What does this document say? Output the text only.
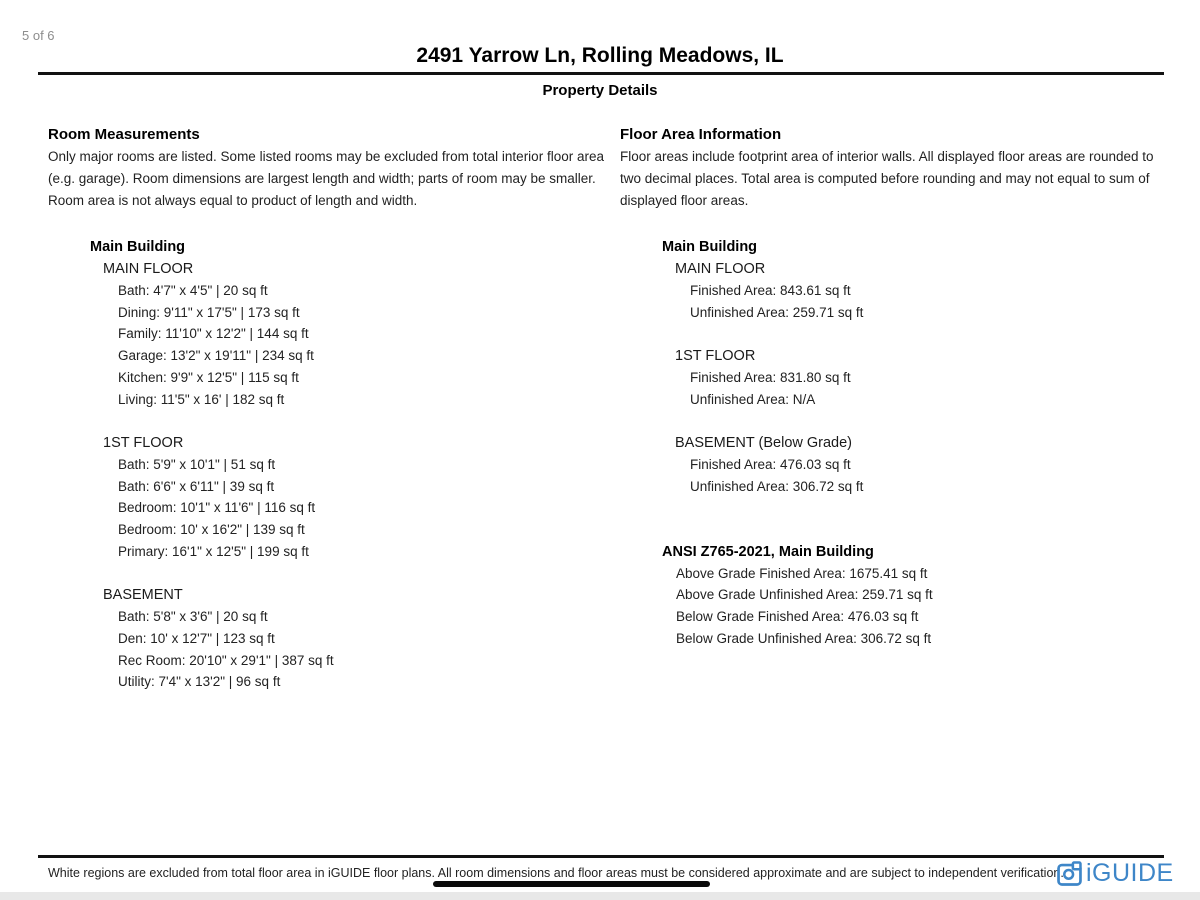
5 of 6
2491 Yarrow Ln, Rolling Meadows, IL
Property Details
Room Measurements
Only major rooms are listed. Some listed rooms may be excluded from total interior floor area (e.g. garage). Room dimensions are largest length and width; parts of room may be smaller. Room area is not always equal to product of length and width.
Main Building
MAIN FLOOR
Bath: 4'7" x 4'5" | 20 sq ft
Dining: 9'11" x 17'5" | 173 sq ft
Family: 11'10" x 12'2" | 144 sq ft
Garage: 13'2" x 19'11" | 234 sq ft
Kitchen: 9'9" x 12'5" | 115 sq ft
Living: 11'5" x 16' | 182 sq ft
1ST FLOOR
Bath: 5'9" x 10'1" | 51 sq ft
Bath: 6'6" x 6'11" | 39 sq ft
Bedroom: 10'1" x 11'6" | 116 sq ft
Bedroom: 10' x 16'2" | 139 sq ft
Primary: 16'1" x 12'5" | 199 sq ft
BASEMENT
Bath: 5'8" x 3'6" | 20 sq ft
Den: 10' x 12'7" | 123 sq ft
Rec Room: 20'10" x 29'1" | 387 sq ft
Utility: 7'4" x 13'2" | 96 sq ft
Floor Area Information
Floor areas include footprint area of interior walls. All displayed floor areas are rounded to two decimal places. Total area is computed before rounding and may not equal to sum of displayed floor areas.
Main Building
MAIN FLOOR
Finished Area: 843.61 sq ft
Unfinished Area: 259.71 sq ft
1ST FLOOR
Finished Area: 831.80 sq ft
Unfinished Area: N/A
BASEMENT (Below Grade)
Finished Area: 476.03 sq ft
Unfinished Area: 306.72 sq ft
ANSI Z765-2021, Main Building
Above Grade Finished Area: 1675.41 sq ft
Above Grade Unfinished Area: 259.71 sq ft
Below Grade Finished Area: 476.03 sq ft
Below Grade Unfinished Area: 306.72 sq ft
White regions are excluded from total floor area in iGUIDE floor plans. All room dimensions and floor areas must be considered approximate and are subject to independent verification. iGUIDE
